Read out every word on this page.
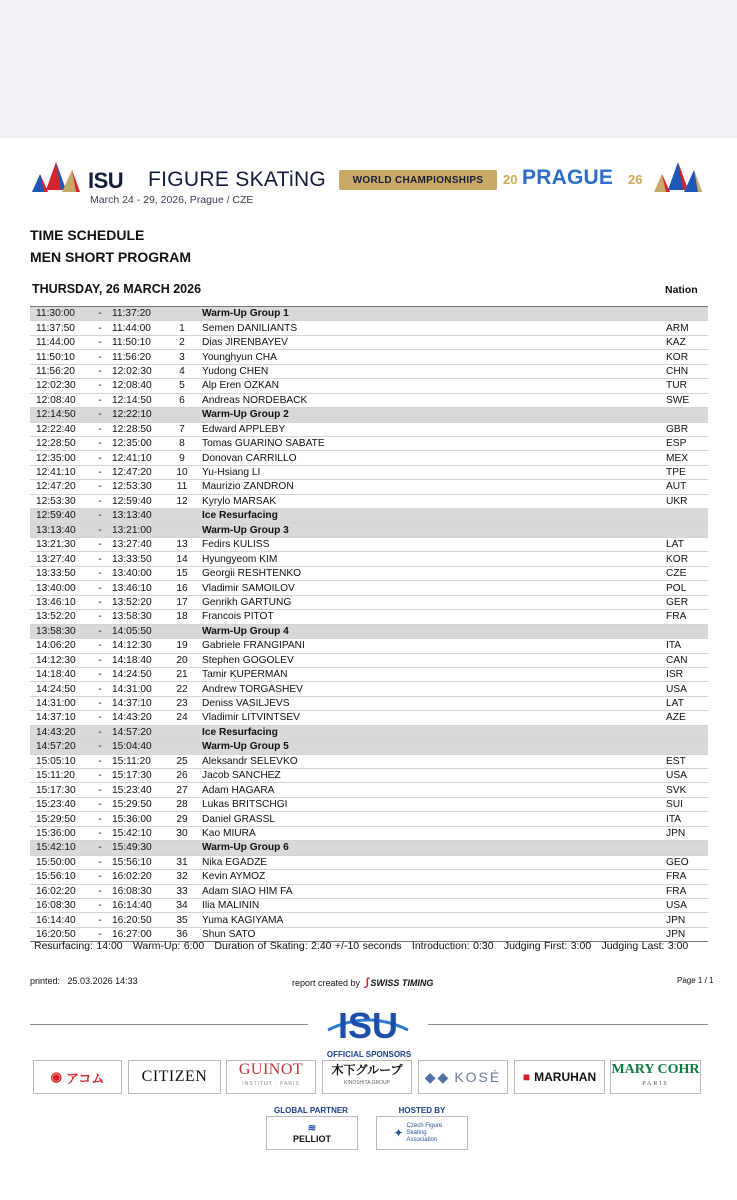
ISU FIGURE SKATiNG	WORLD CHAMPIONSHIPS	20 PRAGUE 26
March 24 - 29, 2026, Prague / CZE
TIME SCHEDULE
MEN SHORT PROGRAM
THURSDAY, 26 MARCH 2026	Nation
11:30:00	-	11:37:20		Warm-Up Group 1	
11:37:50	-	11:44:00	1	Semen DANILIANTS	ARM
11:44:00	-	11:50:10	2	Dias JIRENBAYEV	KAZ
11:50:10	-	11:56:20	3	Younghyun CHA	KOR
11:56:20	-	12:02:30	4	Yudong CHEN	CHN
12:02:30	-	12:08:40	5	Alp Eren OZKAN	TUR
12:08:40	-	12:14:50	6	Andreas NORDEBACK	SWE
12:14:50	-	12:22:10		Warm-Up Group 2	
12:22:40	-	12:28:50	7	Edward APPLEBY	GBR
12:28:50	-	12:35:00	8	Tomas GUARINO SABATE	ESP
12:35:00	-	12:41:10	9	Donovan CARRILLO	MEX
12:41:10	-	12:47:20	10	Yu-Hsiang LI	TPE
12:47:20	-	12:53:30	11	Maurizio ZANDRON	AUT
12:53:30	-	12:59:40	12	Kyrylo MARSAK	UKR
12:59:40	-	13:13:40		Ice Resurfacing	
13:13:40	-	13:21:00		Warm-Up Group 3	
13:21:30	-	13:27:40	13	Fedirs KULISS	LAT
13:27:40	-	13:33:50	14	Hyungyeom KIM	KOR
13:33:50	-	13:40:00	15	Georgii RESHTENKO	CZE
13:40:00	-	13:46:10	16	Vladimir SAMOILOV	POL
13:46:10	-	13:52:20	17	Genrikh GARTUNG	GER
13:52:20	-	13:58:30	18	Francois PITOT	FRA
13:58:30	-	14:05:50		Warm-Up Group 4	
14:06:20	-	14:12:30	19	Gabriele FRANGIPANI	ITA
14:12:30	-	14:18:40	20	Stephen GOGOLEV	CAN
14:18:40	-	14:24:50	21	Tamir KUPERMAN	ISR
14:24:50	-	14:31:00	22	Andrew TORGASHEV	USA
14:31:00	-	14:37:10	23	Deniss VASILJEVS	LAT
14:37:10	-	14:43:20	24	Vladimir LITVINTSEV	AZE
14:43:20	-	14:57:20		Ice Resurfacing	
14:57:20	-	15:04:40		Warm-Up Group 5	
15:05:10	-	15:11:20	25	Aleksandr SELEVKO	EST
15:11:20	-	15:17:30	26	Jacob SANCHEZ	USA
15:17:30	-	15:23:40	27	Adam HAGARA	SVK
15:23:40	-	15:29:50	28	Lukas BRITSCHGI	SUI
15:29:50	-	15:36:00	29	Daniel GRASSL	ITA
15:36:00	-	15:42:10	30	Kao MIURA	JPN
15:42:10	-	15:49:30		Warm-Up Group 6	
15:50:00	-	15:56:10	31	Nika EGADZE	GEO
15:56:10	-	16:02:20	32	Kevin AYMOZ	FRA
16:02:20	-	16:08:30	33	Adam SIAO HIM FA	FRA
16:08:30	-	16:14:40	34	Ilia MALININ	USA
16:14:40	-	16:20:50	35	Yuma KAGIYAMA	JPN
16:20:50	-	16:27:00	36	Shun SATO	JPN
Resurfacing: 14:00   Warm-Up: 6:00   Duration of Skating: 2:40 +/-10 seconds   Introduction: 0:30   Judging First: 3:00   Judging Last: 3:00
printed: 25.03.2026 14:33	report created by ⟆ SWISS TIMING	Page 1 / 1
ISU
OFFICIAL SPONSORS
◉ アコム CITIZEN GUINOT
INSTITUT · PARIS
木下グループ
KINOSHITA GROUP ◆◆ KOSÉ ■ MARUHAN MARY COHR
PARIS
GLOBAL PARTNER	HOSTED BY
≋
PELLIOT	✦
Czech Figure Skating Association
